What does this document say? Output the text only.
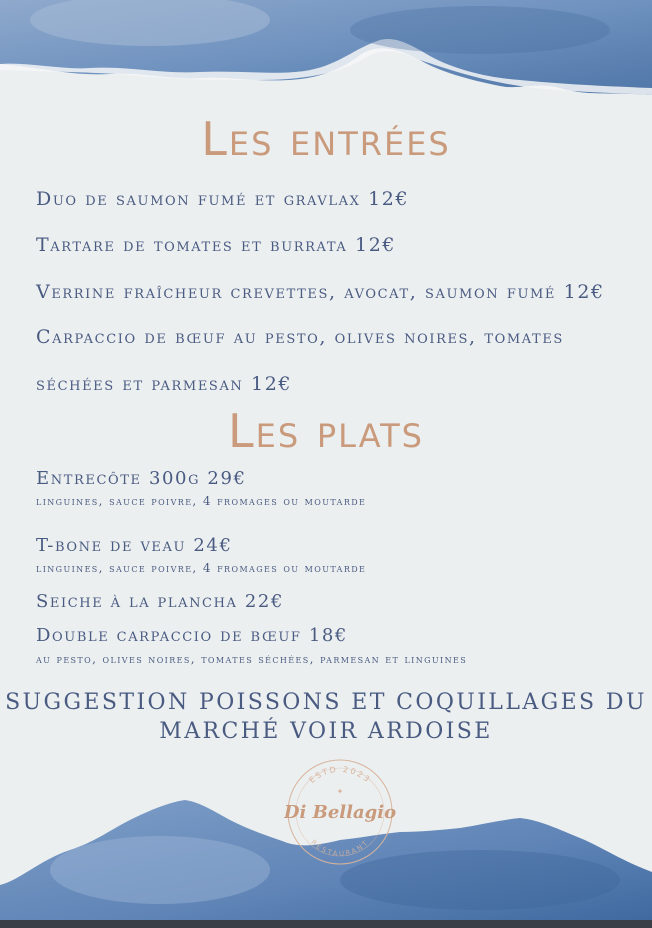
Les entrées
Duo de saumon fumé et gravlax 12€
Tartare de tomates et burrata 12€
Verrine fraîcheur crevettes, avocat, saumon fumé 12€
Carpaccio de bœuf au pesto, olives noires, tomates
séchées et parmesan 12€
Les plats
Entrecôte 300g 29€
linguines, sauce poivre, 4 fromages ou moutarde
T-bone de veau 24€
linguines, sauce poivre, 4 fromages ou moutarde
Seiche à la plancha 22€
Double carpaccio de bœuf 18€
au pesto, olives noires, tomates séchées, parmesan et linguines
SUGGESTION POISSONS ET COQUILLAGES DU
MARCHÉ VOIR ARDOISE
ESTD 2023
✦
Di Bellagio
RESTAURANT
